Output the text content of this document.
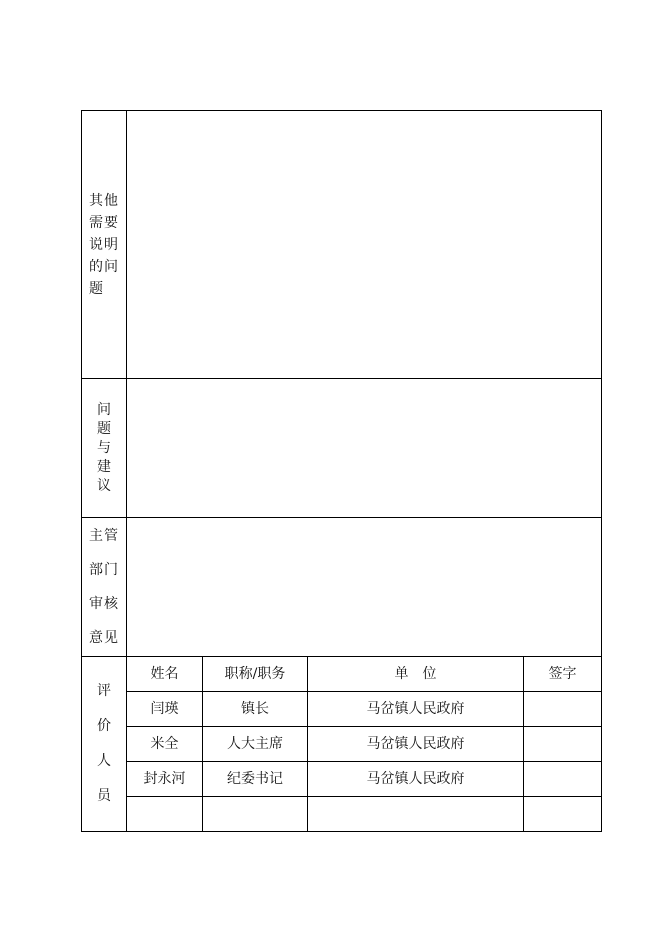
其他需要说明的问题				
问题与建议				
主管部门审核意见				
评价人员	姓名	职称/职务	单　位	签字
	闫瑛	镇长	马岔镇人民政府	
	米全	人大主席	马岔镇人民政府	
	封永河	纪委书记	马岔镇人民政府	
